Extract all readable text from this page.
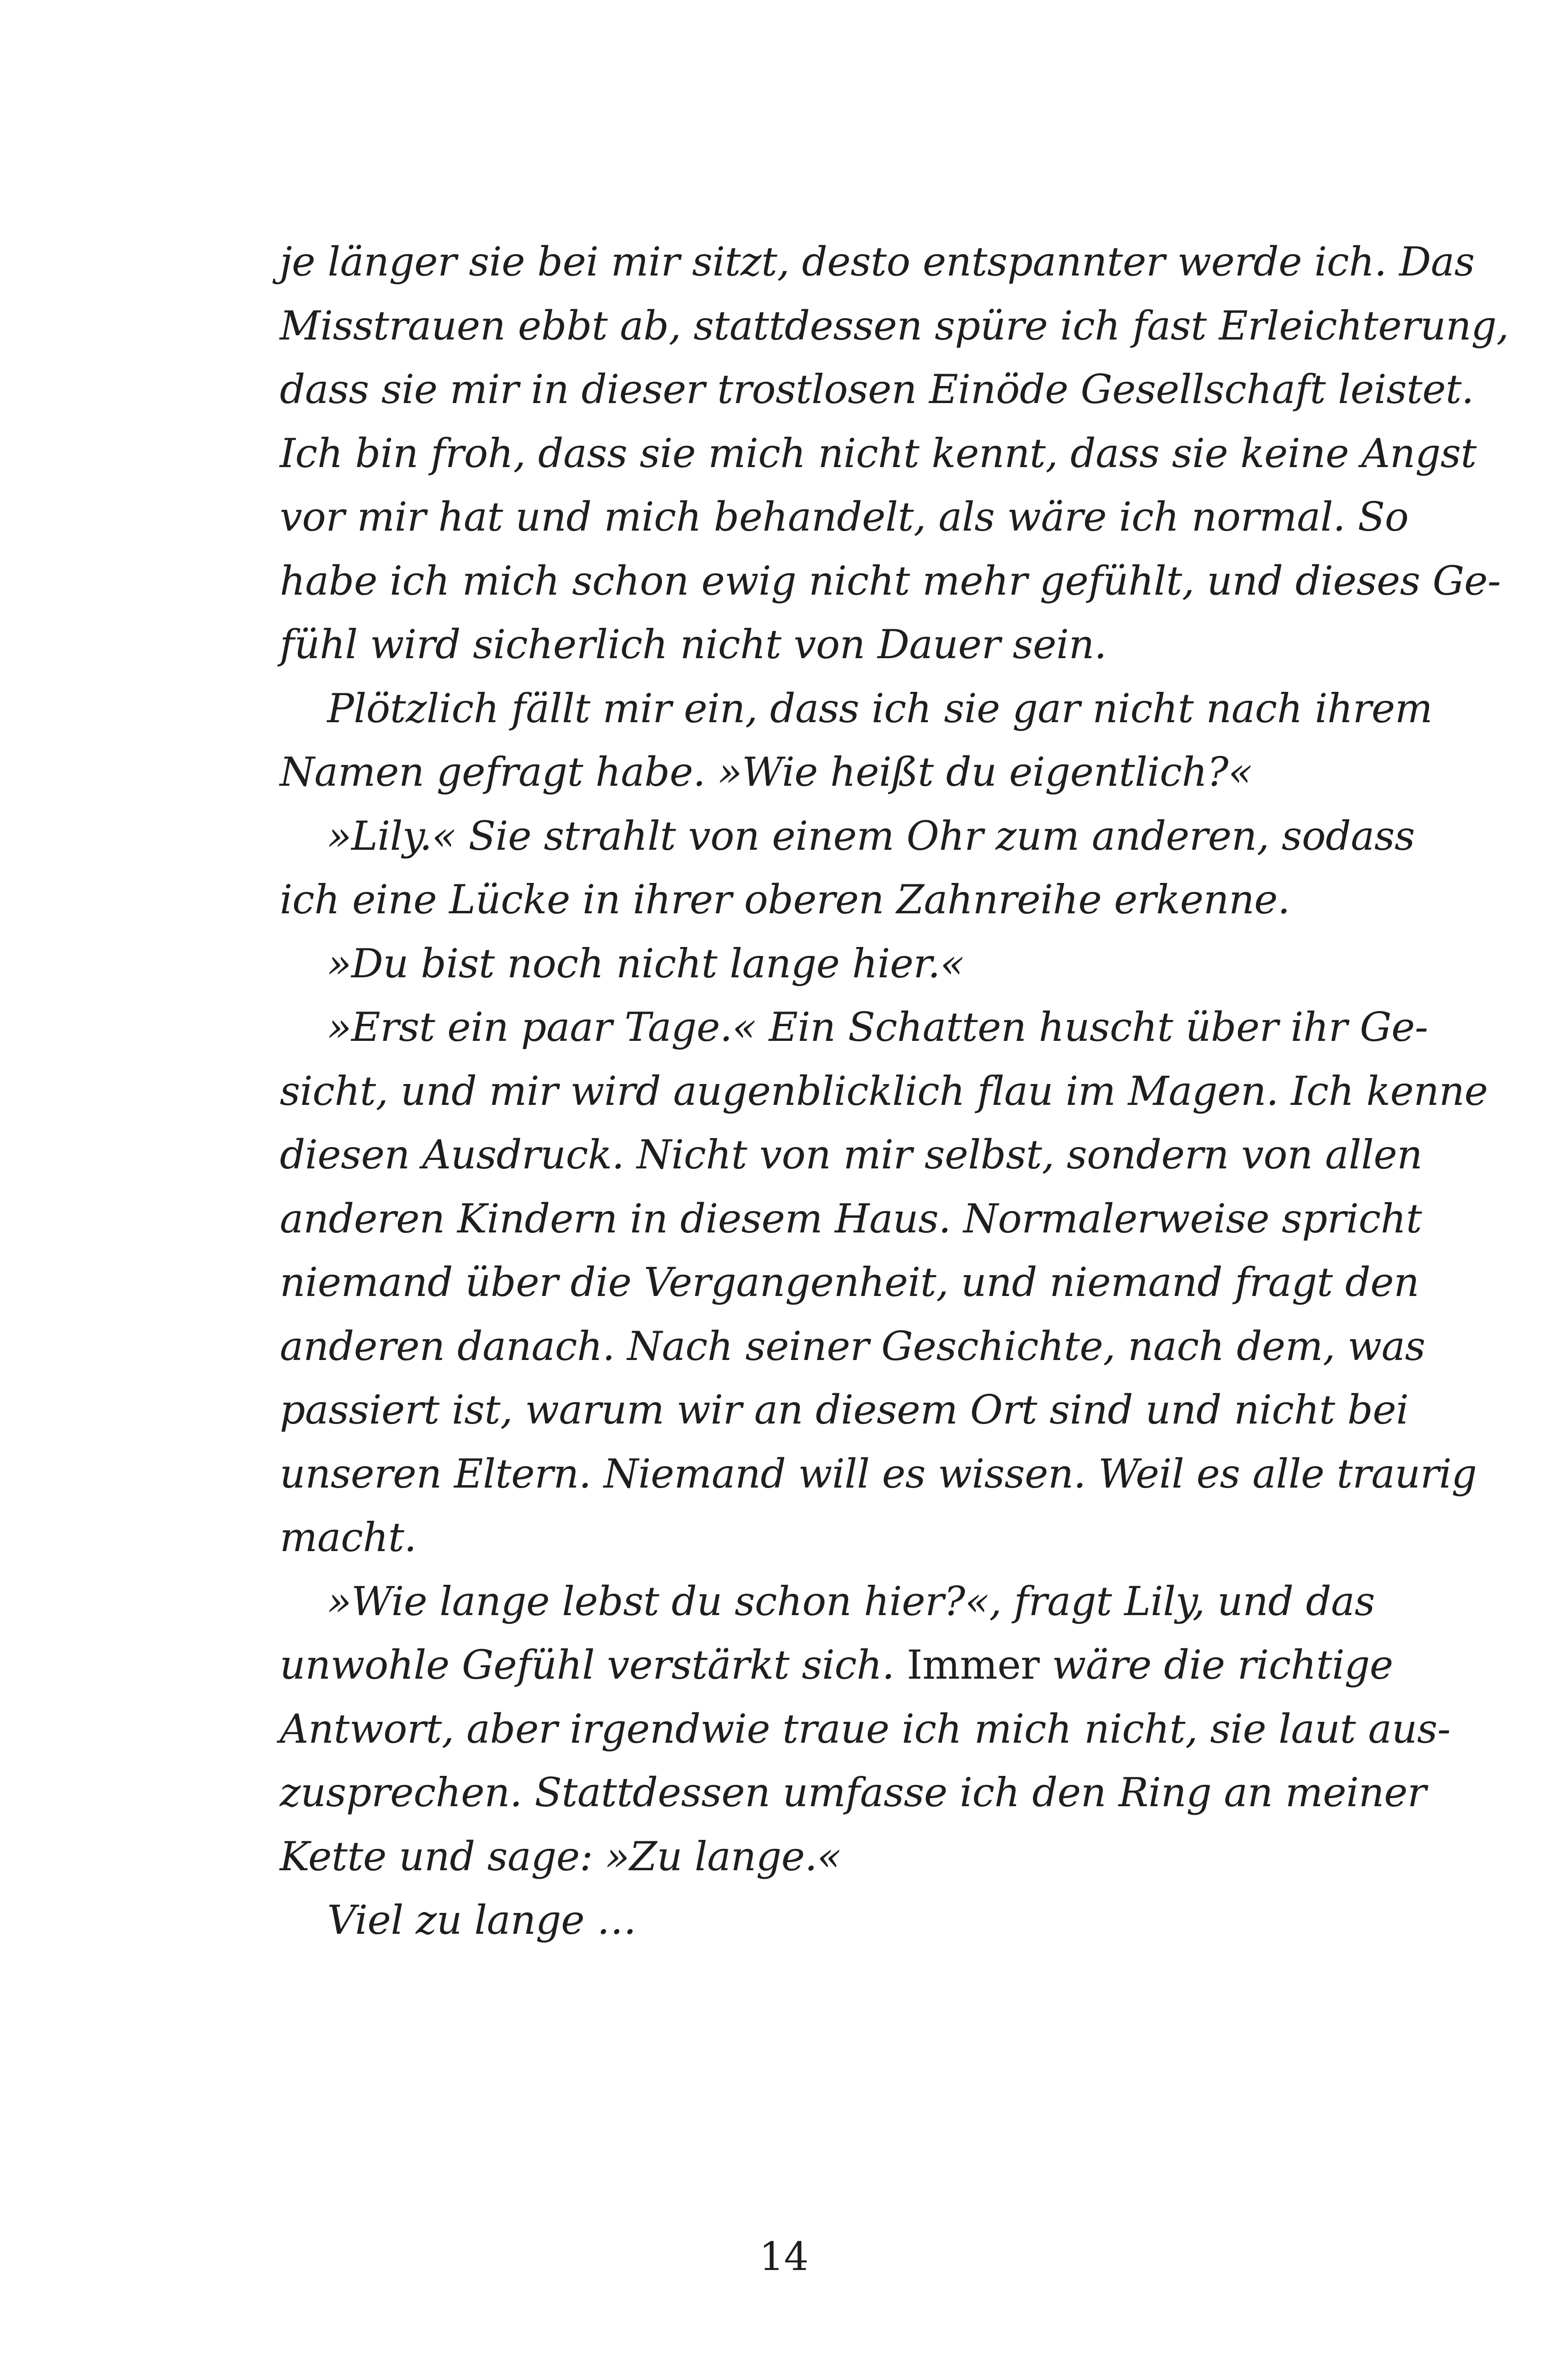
je länger sie bei mir sitzt, desto entspannter werde ich. Das
Misstrauen ebbt ab, stattdessen spüre ich fast Erleichterung,
dass sie mir in dieser trostlosen Einöde Gesellschaft leistet.
Ich bin froh, dass sie mich nicht kennt, dass sie keine Angst
vor mir hat und mich behandelt, als wäre ich normal. So
habe ich mich schon ewig nicht mehr gefühlt, und dieses Ge-
fühl wird sicherlich nicht von Dauer sein.
Plötzlich fällt mir ein, dass ich sie gar nicht nach ihrem
Namen gefragt habe. »Wie heißt du eigentlich?«
»Lily.« Sie strahlt von einem Ohr zum anderen, sodass
ich eine Lücke in ihrer oberen Zahnreihe erkenne.
»Du bist noch nicht lange hier.«
»Erst ein paar Tage.« Ein Schatten huscht über ihr Ge-
sicht, und mir wird augenblicklich flau im Magen. Ich kenne
diesen Ausdruck. Nicht von mir selbst, sondern von allen
anderen Kindern in diesem Haus. Normalerweise spricht
niemand über die Vergangenheit, und niemand fragt den
anderen danach. Nach seiner Geschichte, nach dem, was
passiert ist, warum wir an diesem Ort sind und nicht bei
unseren Eltern. Niemand will es wissen. Weil es alle traurig
macht.
»Wie lange lebst du schon hier?«, fragt Lily, und das
unwohle Gefühl verstärkt sich. Immer wäre die richtige
Antwort, aber irgendwie traue ich mich nicht, sie laut aus-
zusprechen. Stattdessen umfasse ich den Ring an meiner
Kette und sage: »Zu lange.«
Viel zu lange …
14
